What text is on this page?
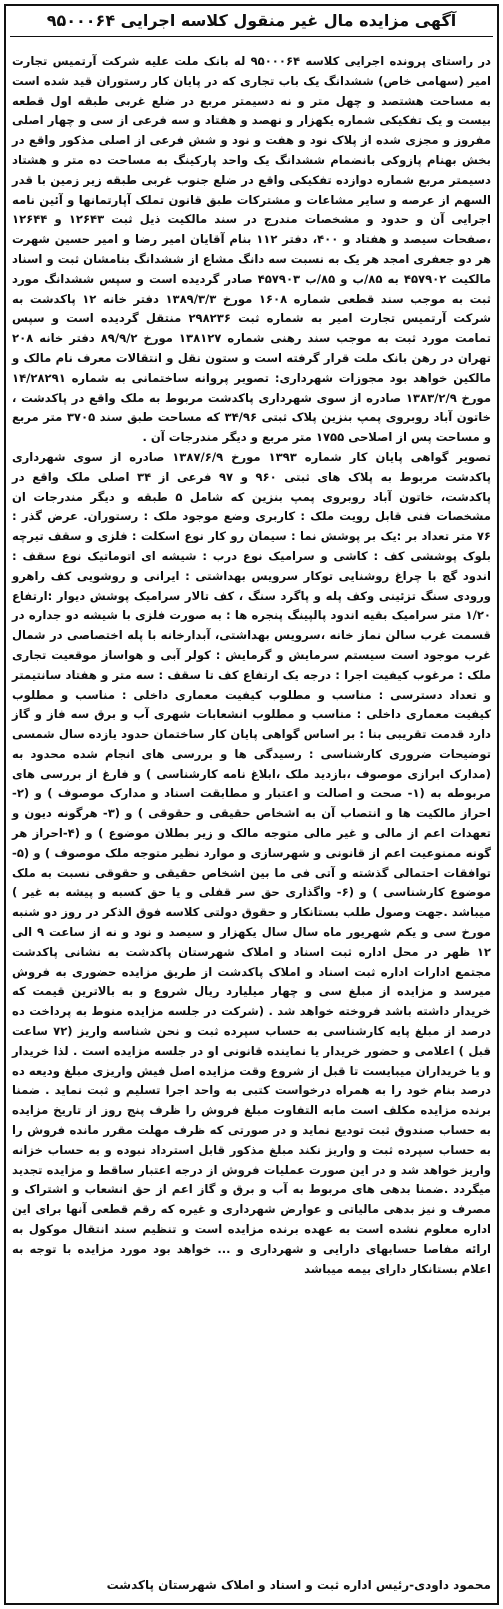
آگهی مزایده مال غیر منقول کلاسه اجرایی ۹۵۰۰۰۶۴

در راستای پرونده اجرایی کلاسه ۹۵۰۰۰۶۴ له بانک ملت علیه شرکت آرتمیس تجارت امیر (سهامی خاص) ششدانگ یک باب تجاری که در پایان کار رستوران قید شده است به مساحت هشتصد و چهل متر و نه دسیمتر مربع در ضلع غربی طبقه اول قطعه بیست و یک تفکیکی شماره یکهزار و نهصد و هفتاد و سه فرعی از سی و چهار اصلی مفروز و مجزی شده از پلاک نود و هفت و نود و شش فرعی از اصلی مذکور واقع در بخش بهنام پازوکی بانضمام ششدانگ یک واحد پارکینگ به مساحت ده متر و هشتاد دسیمتر مربع شماره دوازده تفکیکی واقع در ضلع جنوب غربی طبقه زیر زمین با قدر السهم از عرصه و سایر مشاعات و مشترکات طبق قانون تملک آپارتمانها و آئین نامه اجرایی آن و حدود و مشخصات مندرج در سند مالکیت ذیل ثبت ۱۲۶۴۳ و ۱۲۶۴۴ ،صفحات سیصد و هفتاد و ۴۰۰، دفتر ۱۱۲ بنام آقایان امیر رضا و امیر حسین شهرت هر دو جعفری امجد هر یک به نسبت سه دانگ مشاع از ششدانگ بنامشان ثبت و اسناد مالکیت ۴۵۷۹۰۲ به ۸۵/ب و ۸۵/ب ۴۵۷۹۰۳ صادر گردیده است و سپس ششدانگ مورد ثبت به موجب سند قطعی شماره ۱۶۰۸ مورخ ۱۳۸۹/۳/۳ دفتر خانه ۱۲ پاکدشت به شرکت آرتمیس تجارت امیر به شماره ثبت ۲۹۸۲۳۶ منتقل گردیده است و سپس تمامت مورد ثبت به موجب سند رهنی شماره ۱۳۸۱۲۷ مورخ ۸۹/۹/۲ دفتر خانه ۲۰۸ تهران در رهن بانک ملت قرار گرفته است و ستون نقل و انتقالات معرف نام مالک و مالکین خواهد بود مجوزات شهرداری: تصویر پروانه ساختمانی به شماره ۱۴/۲۸۲۹۱ مورخ ۱۳۸۳/۲/۹ صادره از سوی شهرداری پاکدشت مربوط به ملک واقع در پاکدشت ، خاتون آباد روبروی پمپ بنزین پلاک ثبتی ۳۴/۹۶ که مساحت طبق سند ۳۷۰۵ متر مربع و مساحت پس از اصلاحی ۱۷۵۵ متر مربع و دیگر مندرجات آن .

تصویر گواهی پایان کار شماره ۱۳۹۳ مورخ ۱۳۸۷/۶/۹ صادره از سوی شهرداری پاکدشت مربوط به پلاک های ثبتی ۹۶۰ و ۹۷ فرعی از ۳۴ اصلی ملک واقع در پاکدشت، خاتون آباد روبروی پمپ بنزین که شامل ۵ طبقه و دیگر مندرجات ان مشخصات فنی قابل رویت ملک : کاربری وضع موجود ملک : رستوران. عرض گذر : ۷۶ متر تعداد بر :یک بر پوشش نما : سیمان رو کار نوع اسکلت : فلزی و سقف تیرچه بلوک پوششی کف : کاشی و سرامیک نوع درب : شیشه ای اتوماتیک نوع سقف : اندود گچ با چراغ روشنایی توکار سرویس بهداشتی : ایرانی و روشویی کف راهرو ورودی سنگ تزئینی وکف پله و پاگرد سنگ ، کف تالار سرامیک پوشش دیوار :ارتفاع ۱/۲۰ متر سرامیک بقیه اندود پالپینگ پنجره ها : به صورت فلزی با شیشه دو جداره در قسمت غرب سالن نماز خانه ،سرویس بهداشتی، آبدارخانه با پله اختصاصی در شمال غرب موجود است سیستم سرمایش و گرمایش : کولر آبی و هواساز موقعیت تجاری ملک : مرغوب کیفیت اجرا : درجه یک ارتفاع کف تا سقف : سه متر و هفتاد سانتیمتر و تعداد دسترسی : مناسب و مطلوب کیفیت معماری داخلی : مناسب و مطلوب کیفیت معماری داخلی : مناسب و مطلوب انشعابات شهری آب و برق سه فاز و گاز دارد قدمت تقریبی بنا : بر اساس گواهی پایان کار ساختمان حدود یازده سال شمسی توضیحات ضروری کارشناسی : رسیدگی ها و بررسی های انجام شده محدود به (مدارک ابرازی موصوف ،بازدید ملک ،ابلاغ نامه کارشناسی ) و فارغ از بررسی های مربوطه به (۱- صحت و اصالت و اعتبار و مطابقت اسناد و مدارک موصوف ) و (۲-احراز مالکیت ها و انتصاب آن به اشخاص حقیقی و حقوقی ) و (۳- هرگونه دیون و تعهدات اعم از مالی و غیر مالی متوجه مالک و زیر بطلان موضوع ) و (۴-احراز هر گونه ممنوعیت اعم از قانونی و شهرسازی و موارد نظیر متوجه ملک موصوف ) و (۵-توافقات احتمالی گذشته و آتی فی ما بین اشخاص حقیقی و حقوقی نسبت به ملک موضوع کارشناسی ) و (۶- واگذاری حق سر قفلی و یا حق کسبه و پیشه به غیر ) میباشد .جهت وصول طلب بستانکار و حقوق دولتی کلاسه فوق الذکر در روز دو شنبه مورخ سی و یکم شهریور ماه سال سال یکهزار و سیصد و نود و نه از ساعت ۹ الی ۱۲ ظهر در محل اداره ثبت اسناد و املاک شهرستان پاکدشت به نشانی پاکدشت مجتمع ادارات اداره ثبت اسناد و املاک پاکدشت از طریق مزایده حضوری به فروش میرسد و مزایده از مبلغ سی و چهار میلیارد ریال شروع و به بالاترین قیمت که خریدار داشته باشد فروخته خواهد شد . (شرکت در جلسه مزایده منوط به پرداخت ده درصد از مبلغ پایه کارشناسی به حساب سپرده ثبت و نحن شناسه واریز (۷۲ ساعت قبل ) اعلامی و حضور خریدار یا نماینده قانونی او در جلسه مزایده است . لذا خریدار و یا خریداران میبایست تا قبل از شروع وقت مزایده اصل فیش واریزی مبلغ ودیعه ده درصد بنام خود را به همراه درخواست کتبی به واحد اجرا تسلیم و ثبت نماید . ضمنا برنده مزایده مکلف است مابه التفاوت مبلغ فروش را ظرف پنج روز از تاریخ مزایده به حساب صندوق ثبت تودیع نماید و در صورتی که ظرف مهلت مقرر مانده فروش را به حساب سپرده ثبت و واریز نکند مبلغ مذکور قابل استرداد نبوده و به حساب خزانه واریز خواهد شد و در این صورت عملیات فروش از درجه اعتبار ساقط و مزایده تجدید میگردد .ضمنا بدهی های مربوط به آب و برق و گاز اعم از حق انشعاب و اشتراک و مصرف و نیز بدهی مالیاتی و عوارض شهرداری و غیره که رقم قطعی آنها برای این اداره معلوم نشده است به عهده برنده مزایده است و تنظیم سند انتقال موکول به ارائه مفاصا حسابهای دارایی و شهرداری و ... خواهد بود مورد مزایده با توجه به اعلام بستانکار دارای بیمه میباشد

محمود داودی-رئیس اداره ثبت و اسناد و املاک شهرستان پاکدشت
